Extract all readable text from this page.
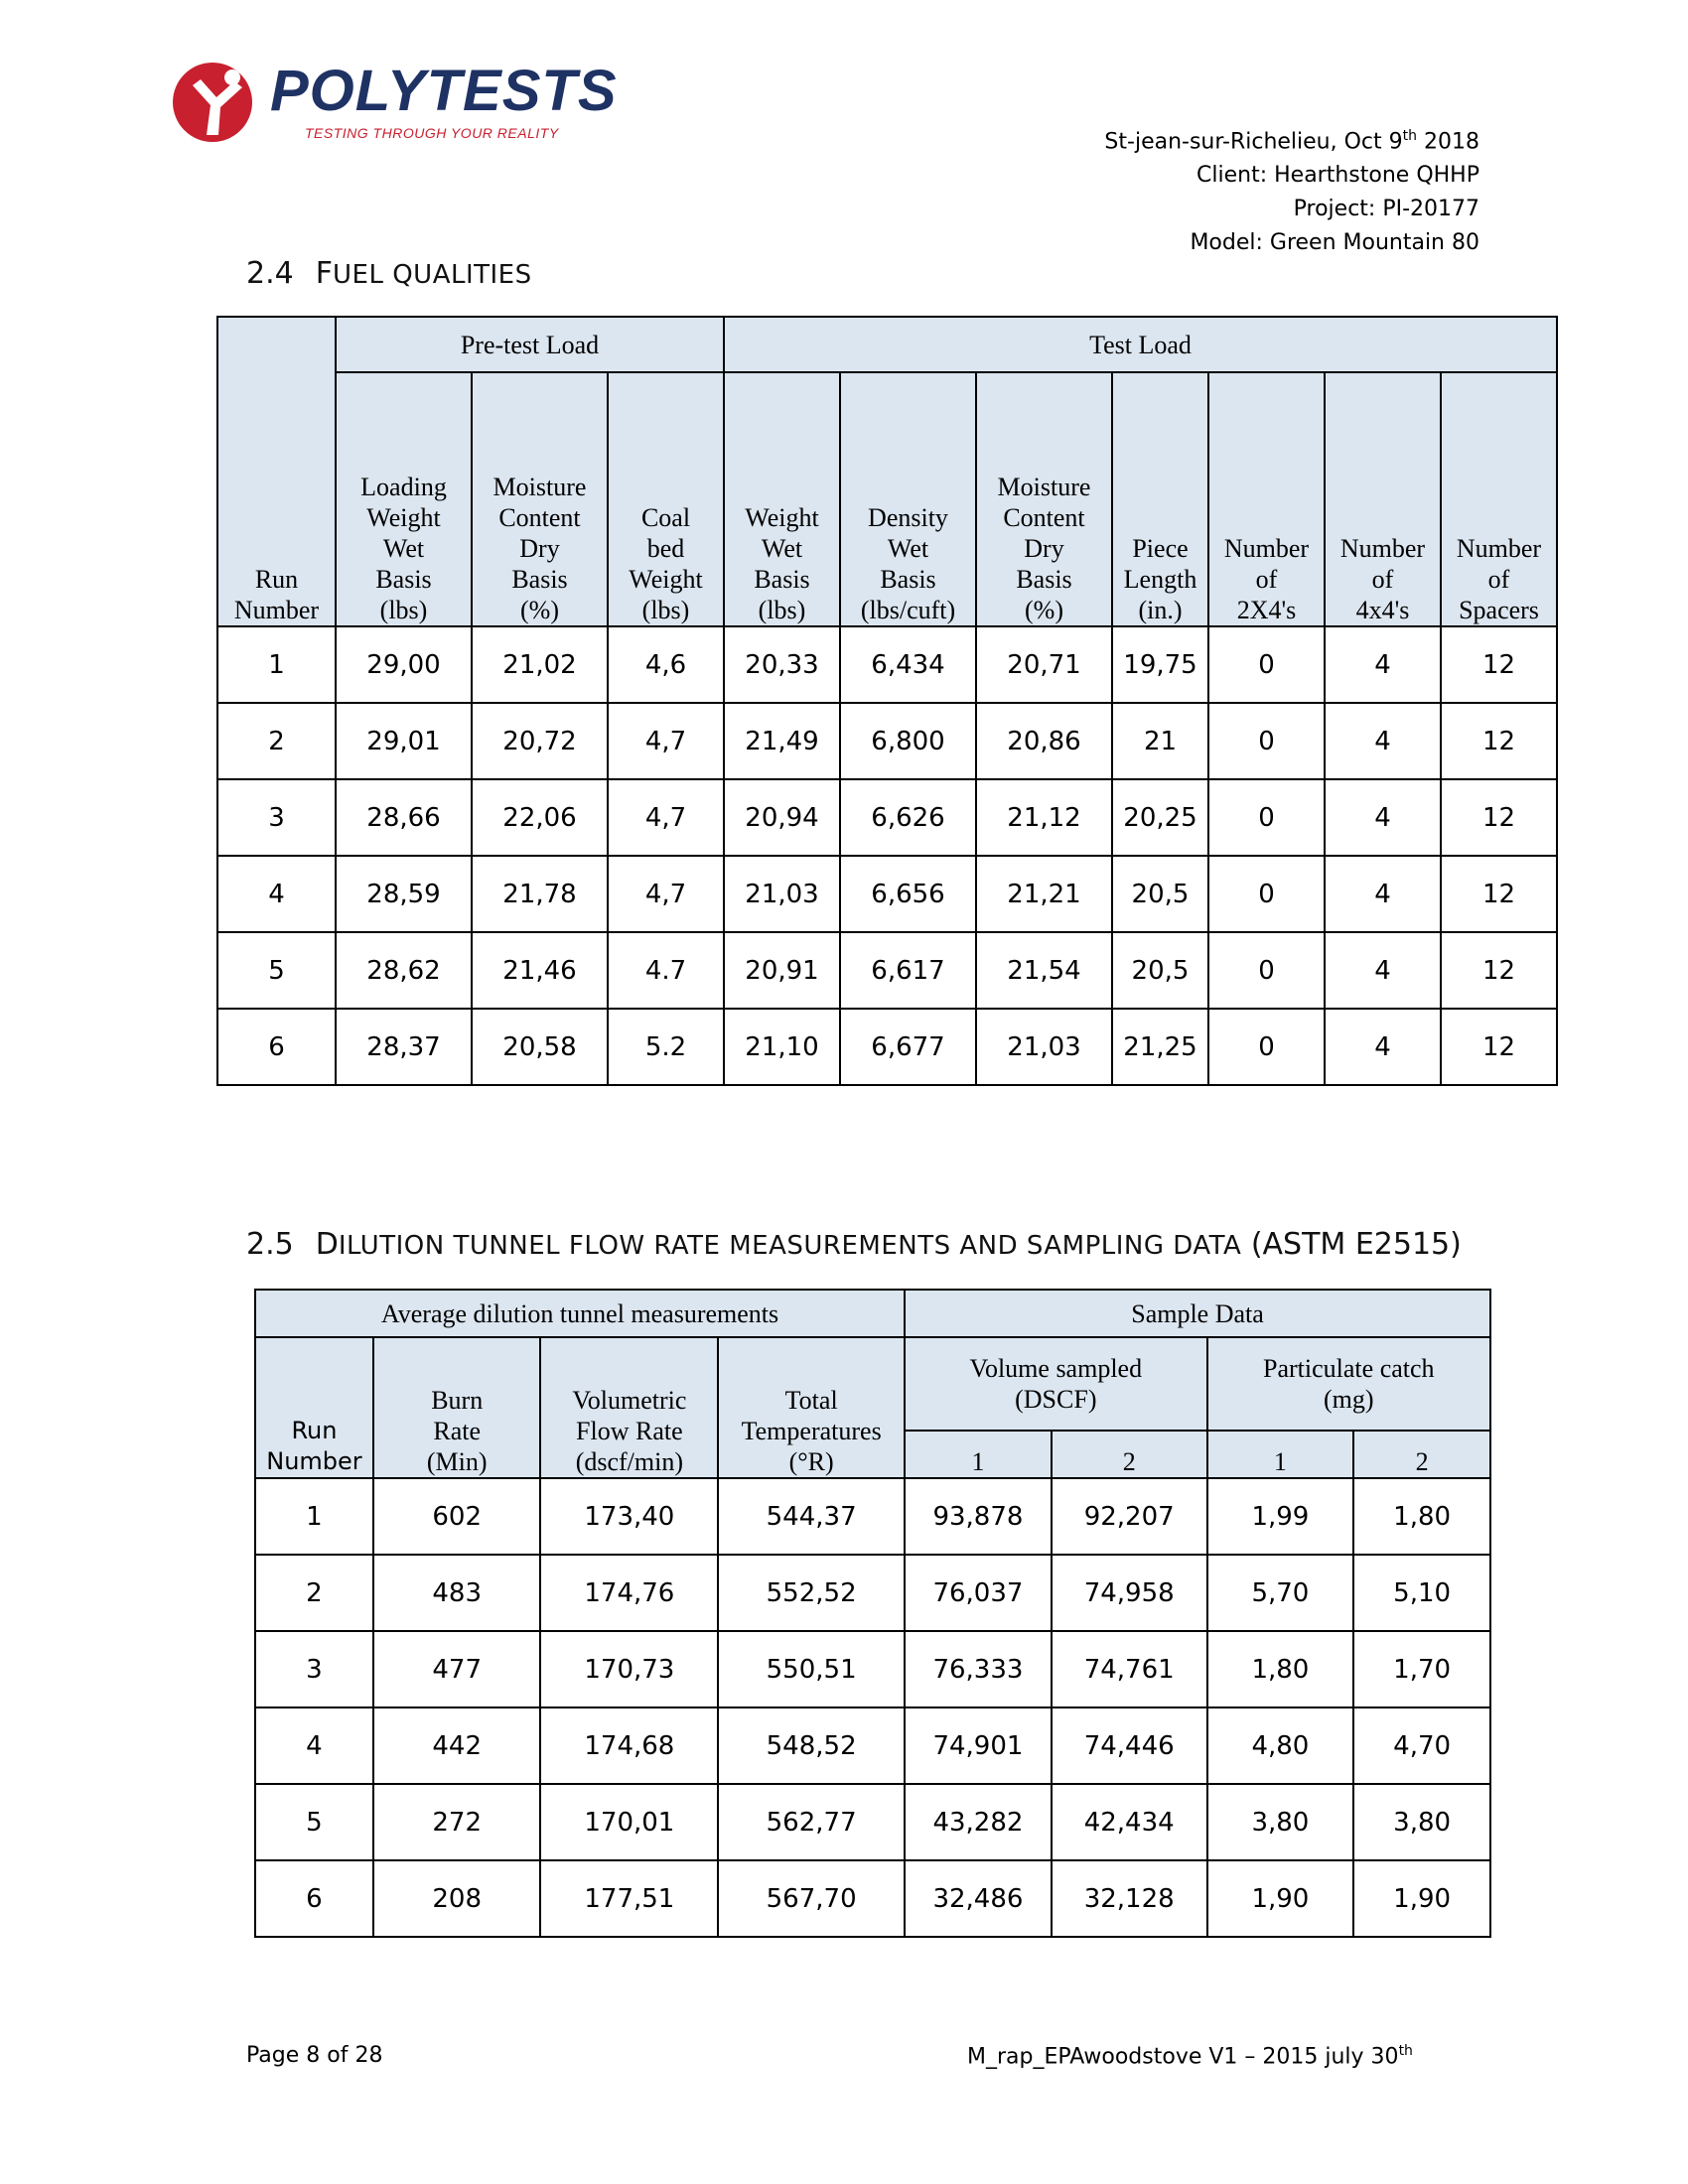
POLYTESTS
TESTING THROUGH YOUR REALITY	St-jean-sur-Richelieu, Oct 9th 2018
Client: Hearthstone QHHP
Project: PI-20177
Model: Green Mountain 80
2.4 FUEL QUALITIES
Run
Number	Pre-test Load			Test Load						
	Loading
Weight
Wet
Basis
(lbs)	Moisture
Content
Dry
Basis
(%)	Coal
bed
Weight
(lbs)	Weight
Wet
Basis
(lbs)	Density
Wet
Basis
(lbs/cuft)	Moisture
Content
Dry
Basis
(%)	Piece
Length
(in.)	Number
of
2X4's	Number
of
4x4's	Number
of
Spacers
1	29,00	21,02	4,6	20,33	6,434	20,71	19,75	0	4	12
2	29,01	20,72	4,7	21,49	6,800	20,86	21	0	4	12
3	28,66	22,06	4,7	20,94	6,626	21,12	20,25	0	4	12
4	28,59	21,78	4,7	21,03	6,656	21,21	20,5	0	4	12
5	28,62	21,46	4.7	20,91	6,617	21,54	20,5	0	4	12
6	28,37	20,58	5.2	21,10	6,677	21,03	21,25	0	4	12
2.5 DILUTION TUNNEL FLOW RATE MEASUREMENTS AND SAMPLING DATA (ASTM E2515)
Average dilution tunnel measurements				Sample Data			
Run
Number	Burn
Rate
(Min)	Volumetric
Flow Rate
(dscf/min)	Total
Temperatures
(°R)	Volume sampled
(DSCF)		Particulate catch
(mg)	
				1	2	1	2
1	602	173,40	544,37	93,878	92,207	1,99	1,80
2	483	174,76	552,52	76,037	74,958	5,70	5,10
3	477	170,73	550,51	76,333	74,761	1,80	1,70
4	442	174,68	548,52	74,901	74,446	4,80	4,70
5	272	170,01	562,77	43,282	42,434	3,80	3,80
6	208	177,51	567,70	32,486	32,128	1,90	1,90
Page 8 of 28	M_rap_EPAwoodstove V1 – 2015 july 30th
